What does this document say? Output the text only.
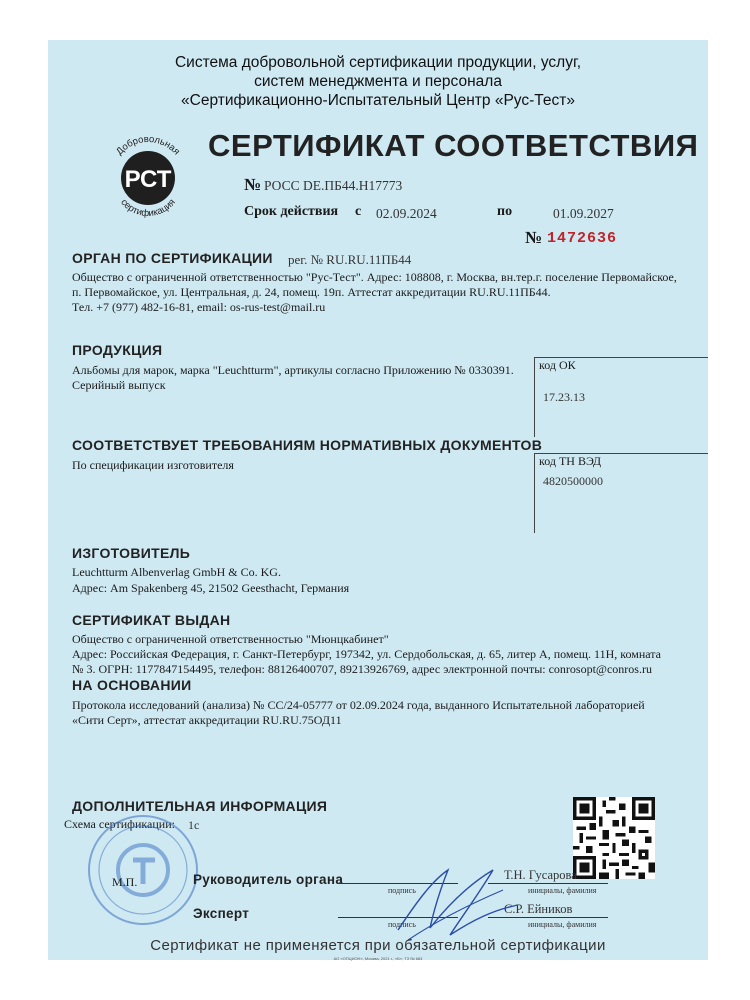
Система добровольной сертификации продукции, услуг,
систем менеджмента и персонала
«Сертификационно-Испытательный Центр «Рус-Тест»
Добровольная
сертификация
РСТ
СЕРТИФИКАТ СООТВЕТСТВИЯ
№ РОСС DE.ПБ44.Н17773
Срок действия с 02.09.2024	по	01.09.2027
№ 1472636
ОРГАН ПО СЕРТИФИКАЦИИ рег. № RU.RU.11ПБ44
Общество с ограниченной ответственностью "Рус-Тест". Адрес: 108808, г. Москва, вн.тер.г. поселение Первомайское,
п. Первомайское, ул. Центральная, д. 24, помещ. 19п. Аттестат аккредитации RU.RU.11ПБ44.
Тел. +7 (977) 482-16-81, email: os-rus-test@mail.ru
ПРОДУКЦИЯ
Альбомы для марок, марка "Leuchtturm", артикулы согласно Приложению № 0330391.
Серийный выпуск
код ОК
17.23.13
СООТВЕТСТВУЕТ ТРЕБОВАНИЯМ НОРМАТИВНЫХ ДОКУМЕНТОВ
По спецификации изготовителя	код ТН ВЭД
4820500000
ИЗГОТОВИТЕЛЬ
Leuchtturm Albenverlag GmbH & Co. KG.
Адрес: Am Spakenberg 45, 21502 Geesthacht, Германия
СЕРТИФИКАТ ВЫДАН
Общество с ограниченной ответственностью "Мюнцкабинет"
Адрес: Российская Федерация, г. Санкт-Петербург, 197342, ул. Сердобольская, д. 65, литер А, помещ. 11Н, комната
№ 3. ОГРН: 1177847154495, телефон: 88126400707, 89213926769, адрес электронной почты: conrosopt@conros.ru
НА ОСНОВАНИИ
Протокола исследований (анализа) № СС/24-05777 от 02.09.2024 года, выданного Испытательной лабораторией
«Сити Серт», аттестат аккредитации RU.RU.75ОД11
ДОПОЛНИТЕЛЬНАЯ ИНФОРМАЦИЯ
Схема сертификации: 1с
М.П.	Руководитель органа
подпись
Т.Н. Гусарова
инициалы, фамилия
Эксперт
подпись
С.Р. Ейников
инициалы, фамилия
Сертификат не применяется при обязательной сертификации
АО «ОПЦИОН», Москва, 2021 г., «Б», ТЗ № 683
